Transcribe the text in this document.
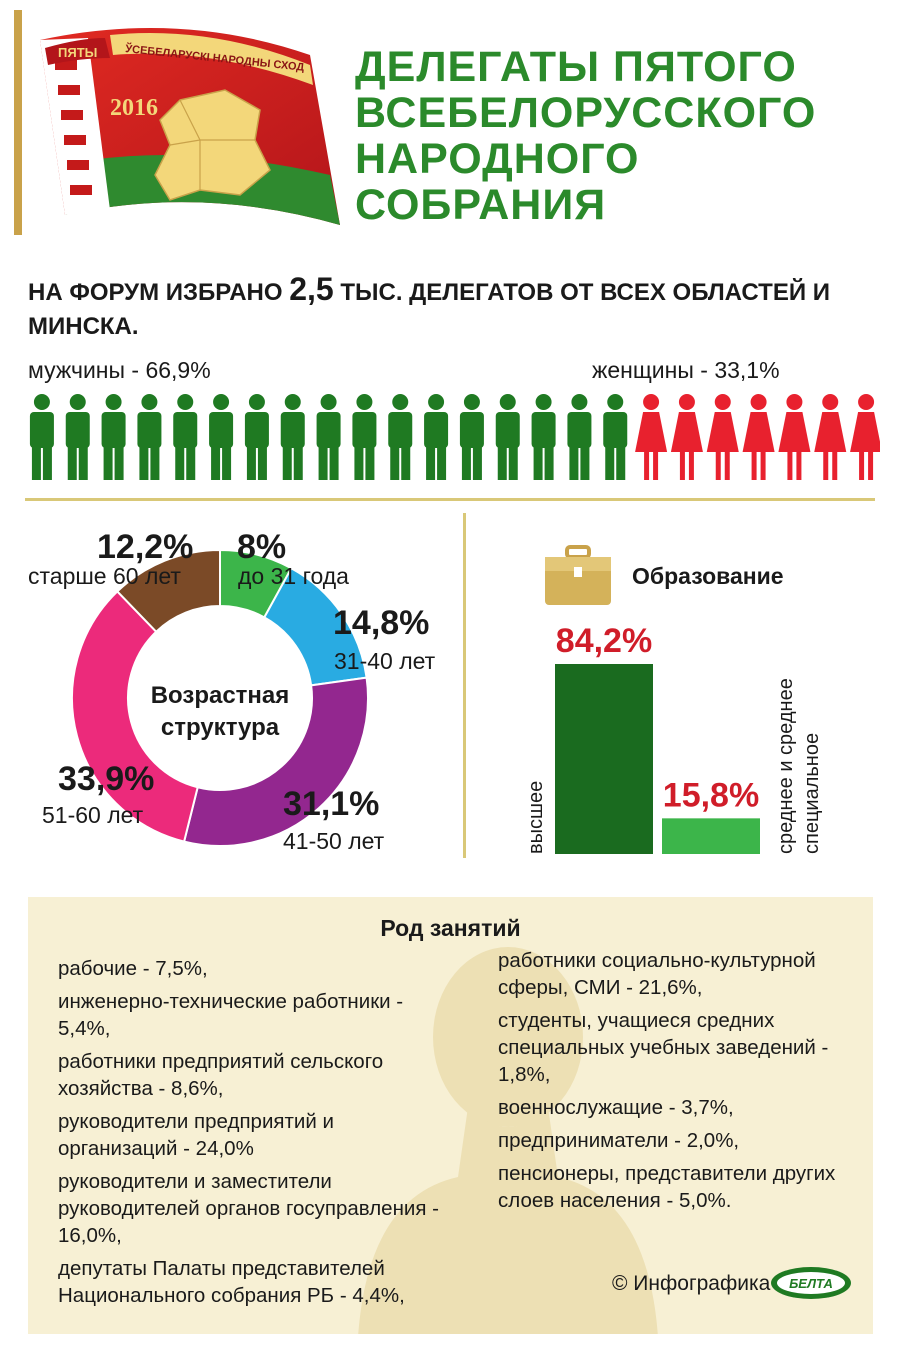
ПЯТЫ ЎСЕБЕЛАРУСКІ НАРОДНЫ СХОД
2016
ДЕЛЕГАТЫ ПЯТОГО ВСЕБЕЛОРУССКОГО НАРОДНОГО СОБРАНИЯ
НА ФОРУМ ИЗБРАНО 2,5 ТЫС. ДЕЛЕГАТОВ ОТ ВСЕХ ОБЛАСТЕЙ И МИНСКА.
мужчины - 66,9%	женщины - 33,1%
Возрастная
структура
8%
до 31 года
14,8%
31-40 лет
31,1%
41-50 лет
33,9%
51-60 лет
12,2%
старше 60 лет	Образование
84,2%
15,8%
высшее	среднее и среднее специальное
Род занятий
рабочие - 7,5%,
инженерно-технические работники - 5,4%,
работники предприятий сельского хозяйства - 8,6%,
руководители предприятий и организаций - 24,0%
руководители и заместители руководителей органов госуправления - 16,0%,
депутаты Палаты представителей Национального собрания РБ - 4,4%,
работники социально-культурной сферы, СМИ - 21,6%,
студенты, учащиеся средних специальных учебных заведений - 1,8%,
военнослужащие - 3,7%,
предприниматели - 2,0%,
пенсионеры, представители других слоев населения - 5,0%.
© Инфографика БЕЛТА
